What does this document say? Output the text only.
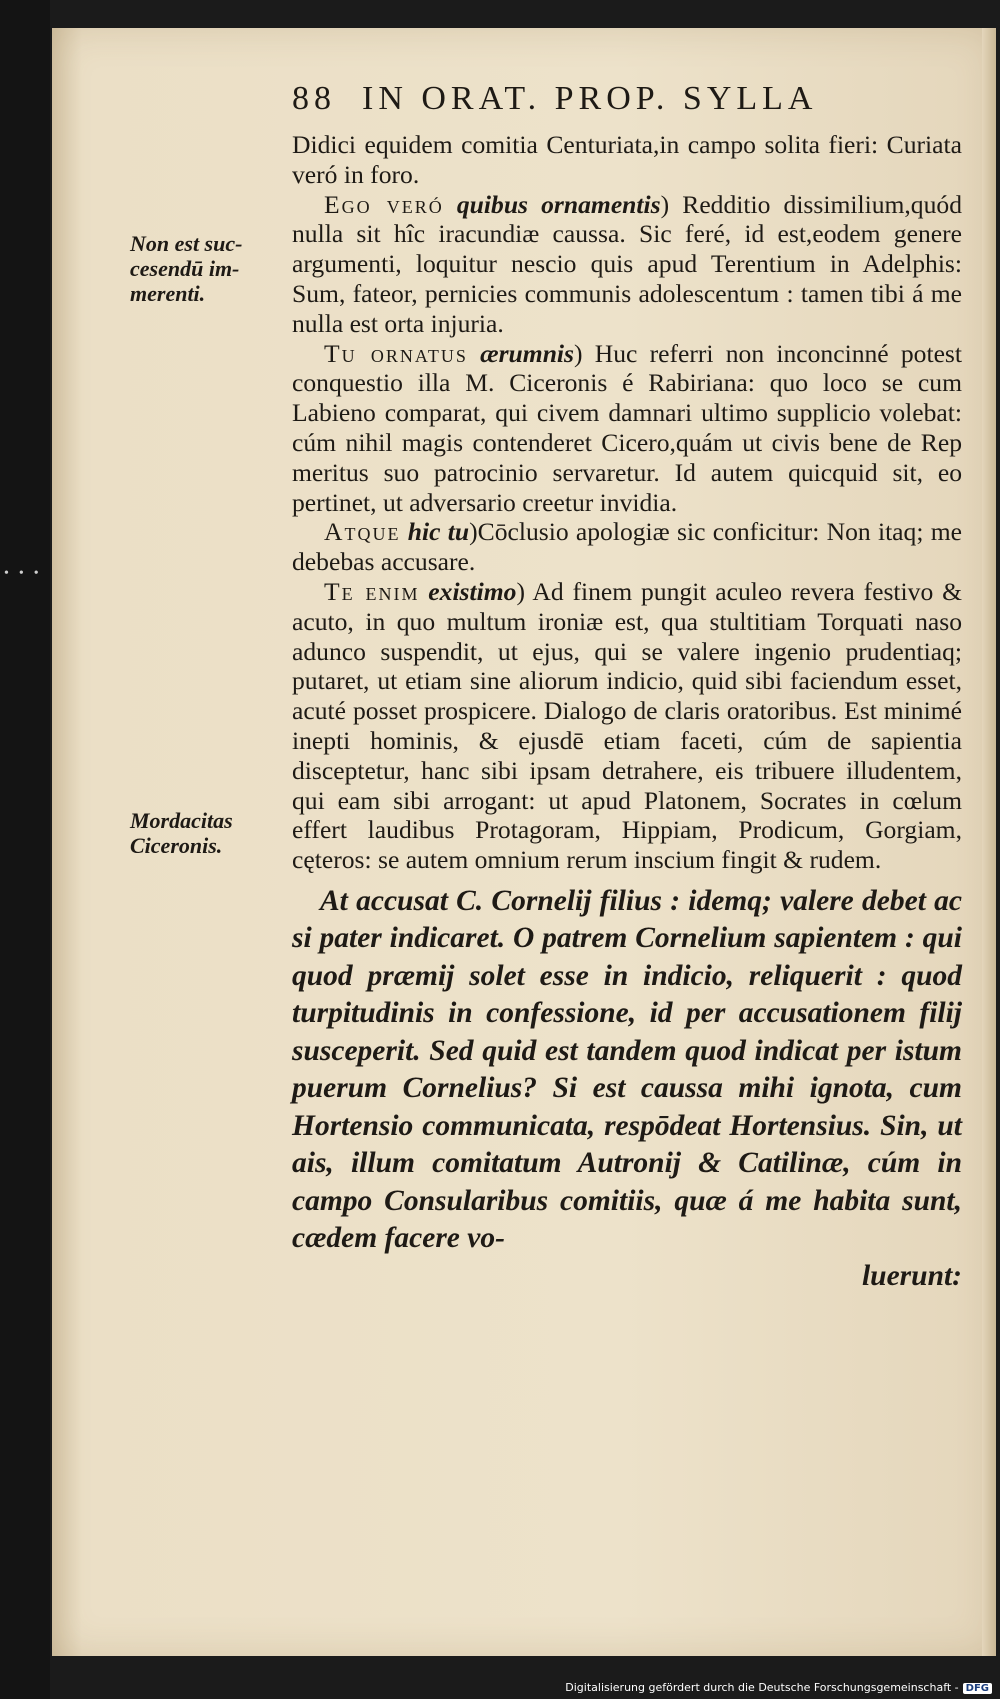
•••
88 IN ORAT. PROP. SYLLA
Non est suc-cesendū im-merenti.
Mordacitas Ciceronis.

Didici equidem comitia Centuriata,in campo solita fieri: Curiata veró in foro.

Ego veró quibus ornamentis) Redditio dissimilium,quód nulla sit hîc iracundiæ caussa. Sic feré, id est,eodem genere argumenti, loquitur nescio quis apud Terentium in Adelphis: Sum, fateor, pernicies communis adolescentum : tamen tibi á me nulla est orta injuria.

Tu ornatus ærumnis) Huc referri non inconcinné potest conquestio illa M. Ciceronis é Rabiriana: quo loco se cum Labieno comparat, qui civem damnari ultimo supplicio volebat: cúm nihil magis contenderet Cicero,quám ut civis bene de Rep meritus suo patrocinio servaretur. Id autem quicquid sit, eo pertinet, ut adversario creetur invidia.

Atque hic tu)Cōclusio apologiæ sic conficitur: Non itaq; me debebas accusare.

Te enim existimo) Ad finem pungit aculeo revera festivo & acuto, in quo multum ironiæ est, qua stultitiam Torquati naso adunco suspendit, ut ejus, qui se valere ingenio prudentiaq; putaret, ut etiam sine aliorum indicio, quid sibi faciendum esset, acuté posset prospicere. Dialogo de claris oratoribus. Est minimé inepti hominis, & ejusdē etiam faceti, cúm de sapientia disceptetur, hanc sibi ipsam detrahere, eis tribuere illudentem, qui eam sibi arrogant: ut apud Platonem, Socrates in cœlum effert laudibus Protagoram, Hippiam, Prodicum, Gorgiam, cęteros: se autem omnium rerum inscium fingit & rudem.

At accusat C. Cornelij filius : idemq; valere debet ac si pater indicaret. O patrem Cornelium sapientem : qui quod præmij solet esse in indicio, reliquerit : quod turpitudinis in confessione, id per accusationem filij susceperit. Sed quid est tandem quod indicat per istum puerum Cornelius? Si est caussa mihi ignota, cum Hortensio communicata, respōdeat Hortensius. Sin, ut ais, illum comitatum Autronij & Catilinæ, cúm in campo Consularibus comitiis, quæ á me habita sunt, cædem facere vo-
luerunt:

Digitalisierung gefördert durch die Deutsche Forschungsgemeinschaft - DFG
